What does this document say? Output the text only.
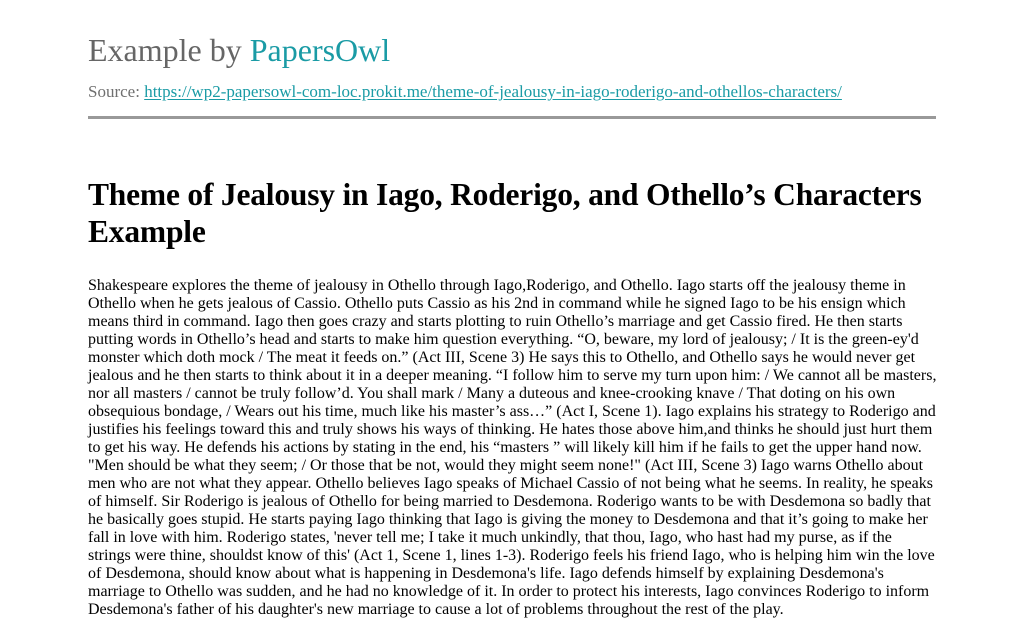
Example by PapersOwl
Source: https://wp2-papersowl-com-loc.prokit.me/theme-of-jealousy-in-iago-roderigo-and-othellos-characters/
Theme of Jealousy in Iago, Roderigo, and Othello’s Characters Example

Shakespeare explores the theme of jealousy in Othello through Iago,Roderigo, and Othello. Iago starts off the jealousy theme in Othello when he gets jealous of Cassio. Othello puts Cassio as his 2nd in command while he signed Iago to be his ensign which means third in command. Iago then goes crazy and starts plotting to ruin Othello’s marriage and get Cassio fired. He then starts putting words in Othello’s head and starts to make him question everything. “O, beware, my lord of jealousy; / It is the green-ey'd monster which doth mock / The meat it feeds on.” (Act III, Scene 3) He says this to Othello, and Othello says he would never get jealous and he then starts to think about it in a deeper meaning. “I follow him to serve my turn upon him: / We cannot all be masters, nor all masters / cannot be truly follow’d. You shall mark / Many a duteous and knee-crooking knave / That doting on his own obsequious bondage, / Wears out his time, much like his master’s ass…” (Act I, Scene 1). Iago explains his strategy to Roderigo and justifies his feelings toward this and truly shows his ways of thinking. He hates those above him,and thinks he should just hurt them to get his way. He defends his actions by stating in the end, his “masters ” will likely kill him if he fails to get the upper hand now. "Men should be what they seem; / Or those that be not, would they might seem none!" (Act III, Scene 3) Iago warns Othello about men who are not what they appear. Othello believes Iago speaks of Michael Cassio of not being what he seems. In reality, he speaks of himself. Sir Roderigo is jealous of Othello for being married to Desdemona. Roderigo wants to be with Desdemona so badly that he basically goes stupid. He starts paying Iago thinking that Iago is giving the money to Desdemona and that it’s going to make her fall in love with him. Roderigo states, 'never tell me; I take it much unkindly, that thou, Iago, who hast had my purse, as if the strings were thine, shouldst know of this' (Act 1, Scene 1, lines 1-3). Roderigo feels his friend Iago, who is helping him win the love of Desdemona, should know about what is happening in Desdemona's life. Iago defends himself by explaining Desdemona's marriage to Othello was sudden, and he had no knowledge of it. In order to protect his interests, Iago convinces Roderigo to inform Desdemona's father of his daughter's new marriage to cause a lot of problems throughout the rest of the play.
